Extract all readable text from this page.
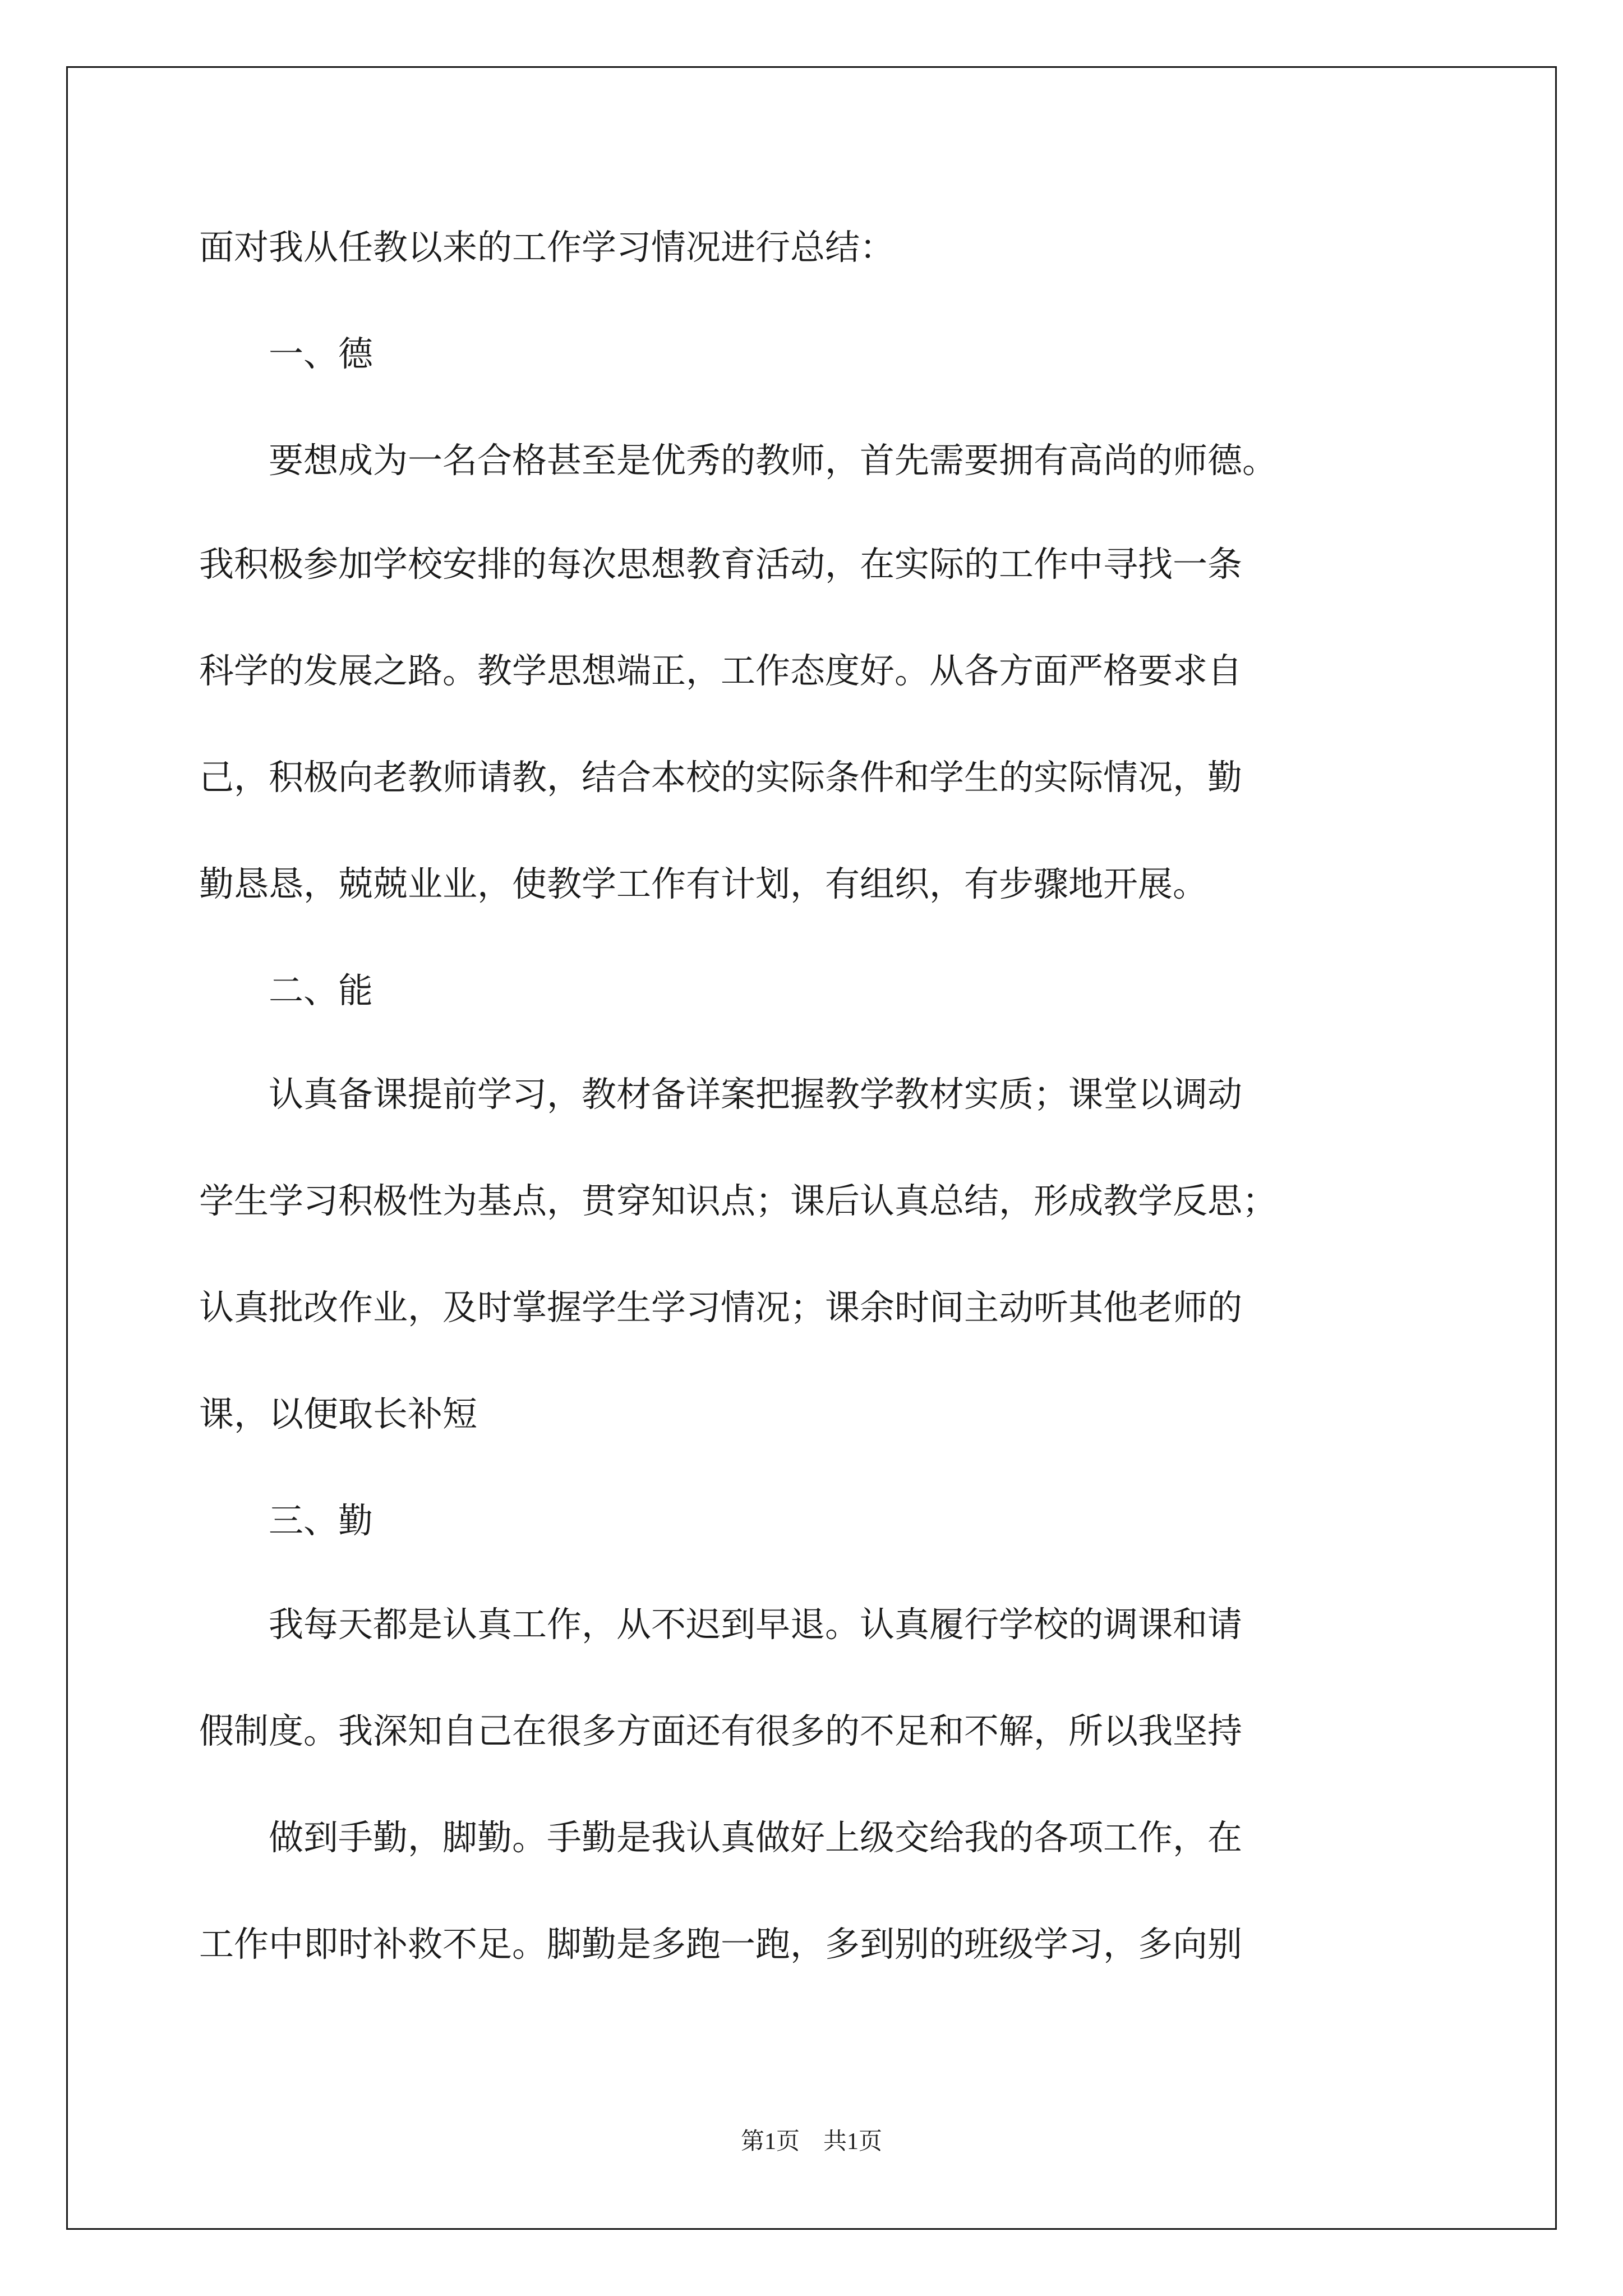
面对我从任教以来的工作学习情况进行总结：
　　一、德
　　要想成为一名合格甚至是优秀的教师，首先需要拥有高尚的师德。
我积极参加学校安排的每次思想教育活动，在实际的工作中寻找一条
科学的发展之路。教学思想端正，工作态度好。从各方面严格要求自
己，积极向老教师请教，结合本校的实际条件和学生的实际情况，勤
勤恳恳，兢兢业业，使教学工作有计划，有组织，有步骤地开展。
　　二、能
　　认真备课提前学习，教材备详案把握教学教材实质；课堂以调动
学生学习积极性为基点，贯穿知识点；课后认真总结，形成教学反思；
认真批改作业，及时掌握学生学习情况；课余时间主动听其他老师的
课，以便取长补短
　　三、勤
　　我每天都是认真工作，从不迟到早退。认真履行学校的调课和请
假制度。我深知自己在很多方面还有很多的不足和不解，所以我坚持
　　做到手勤，脚勤。手勤是我认真做好上级交给我的各项工作，在
工作中即时补救不足。脚勤是多跑一跑，多到别的班级学习，多向别
第1页　共1页
